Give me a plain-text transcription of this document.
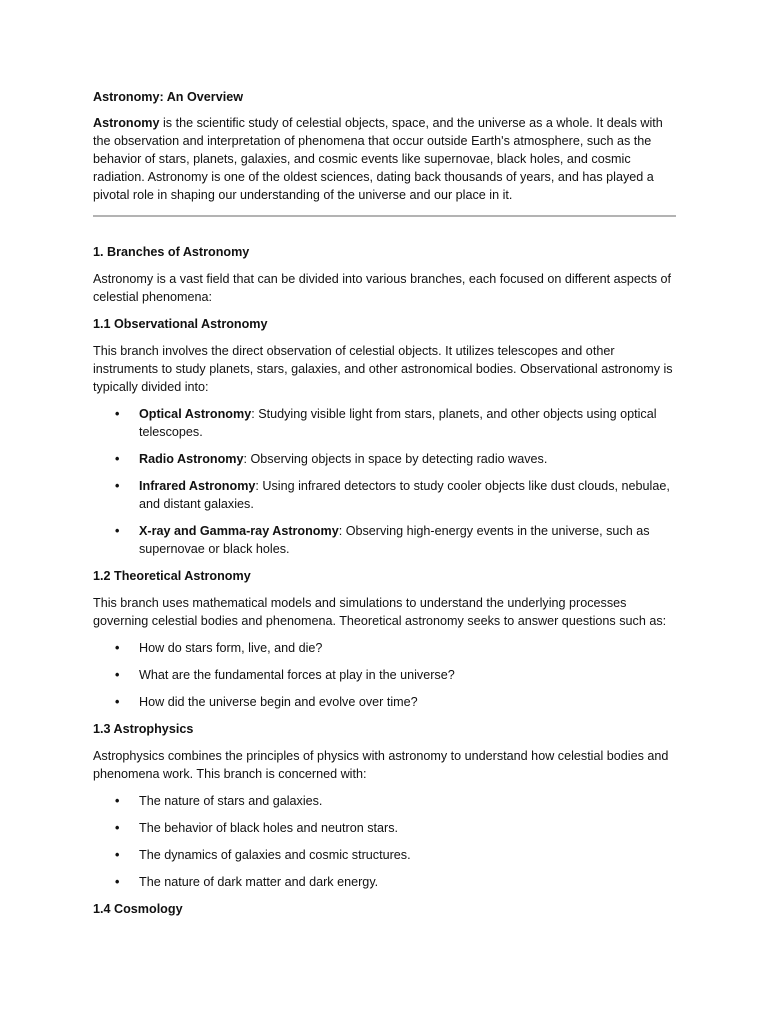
Astronomy: An Overview

Astronomy is the scientific study of celestial objects, space, and the universe as a whole. It deals with the observation and interpretation of phenomena that occur outside Earth's atmosphere, such as the behavior of stars, planets, galaxies, and cosmic events like supernovae, black holes, and cosmic radiation. Astronomy is one of the oldest sciences, dating back thousands of years, and has played a pivotal role in shaping our understanding of the universe and our place in it.

1. Branches of Astronomy

Astronomy is a vast field that can be divided into various branches, each focused on different aspects of celestial phenomena:

1.1 Observational Astronomy

This branch involves the direct observation of celestial objects. It utilizes telescopes and other instruments to study planets, stars, galaxies, and other astronomical bodies. Observational astronomy is typically divided into:

• Optical Astronomy: Studying visible light from stars, planets, and other objects using optical telescopes.
• Radio Astronomy: Observing objects in space by detecting radio waves.
• Infrared Astronomy: Using infrared detectors to study cooler objects like dust clouds, nebulae, and distant galaxies.
• X-ray and Gamma-ray Astronomy: Observing high-energy events in the universe, such as supernovae or black holes.

1.2 Theoretical Astronomy

This branch uses mathematical models and simulations to understand the underlying processes governing celestial bodies and phenomena. Theoretical astronomy seeks to answer questions such as:

• How do stars form, live, and die?
• What are the fundamental forces at play in the universe?
• How did the universe begin and evolve over time?

1.3 Astrophysics

Astrophysics combines the principles of physics with astronomy to understand how celestial bodies and phenomena work. This branch is concerned with:

• The nature of stars and galaxies.
• The behavior of black holes and neutron stars.
• The dynamics of galaxies and cosmic structures.
• The nature of dark matter and dark energy.

1.4 Cosmology
